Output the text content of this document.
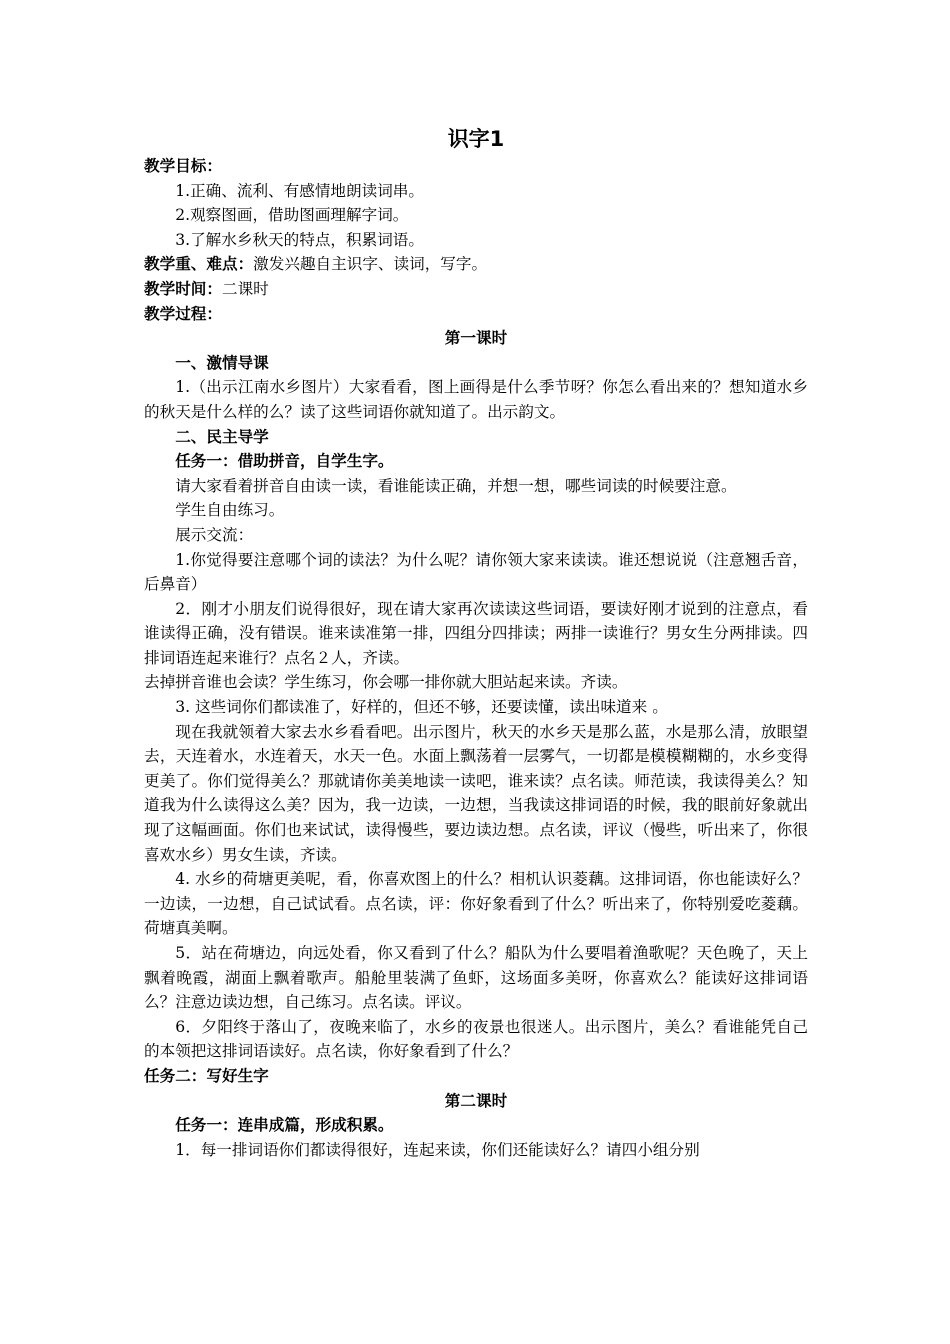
识字1

教学目标：

1.正确、流利、有感情地朗读词串。

2.观察图画，借助图画理解字词。

3.了解水乡秋天的特点，积累词语。

教学重、难点：激发兴趣自主识字、读词，写字。

教学时间：二课时

教学过程：

第一课时

一、激情导课

1.（出示江南水乡图片）大家看看，图上画得是什么季节呀？你怎么看出来的？想知道水乡的秋天是什么样的么？读了这些词语你就知道了。出示韵文。

二、民主导学

任务一：借助拼音，自学生字。

请大家看着拼音自由读一读，看谁能读正确，并想一想，哪些词读的时候要注意。

学生自由练习。

展示交流：

1.你觉得要注意哪个词的读法？为什么呢？请你领大家来读读。谁还想说说（注意翘舌音，后鼻音）

2．刚才小朋友们说得很好，现在请大家再次读读这些词语，要读好刚才说到的注意点，看谁读得正确，没有错误。谁来读准第一排，四组分四排读；两排一读谁行？男女生分两排读。四排词语连起来谁行？点名２人，齐读。

去掉拼音谁也会读？学生练习，你会哪一排你就大胆站起来读。齐读。

3. 这些词你们都读准了，好样的，但还不够，还要读懂，读出味道来 。

现在我就领着大家去水乡看看吧。出示图片，秋天的水乡天是那么蓝，水是那么清，放眼望去，天连着水，水连着天，水天一色。水面上飘荡着一层雾气，一切都是模模糊糊的，水乡变得更美了。你们觉得美么？那就请你美美地读一读吧，谁来读？点名读。师范读，我读得美么？知道我为什么读得这么美？因为，我一边读，一边想，当我读这排词语的时候，我的眼前好象就出现了这幅画面。你们也来试试，读得慢些，要边读边想。点名读，评议（慢些，听出来了，你很喜欢水乡）男女生读，齐读。

4. 水乡的荷塘更美呢，看，你喜欢图上的什么？相机认识菱藕。这排词语，你也能读好么？一边读，一边想，自己试试看。点名读，评：你好象看到了什么？听出来了，你特别爱吃菱藕。荷塘真美啊。

5．站在荷塘边，向远处看，你又看到了什么？船队为什么要唱着渔歌呢？天色晚了，天上飘着晚霞，湖面上飘着歌声。船舱里装满了鱼虾，这场面多美呀，你喜欢么？能读好这排词语么？注意边读边想，自己练习。点名读。评议。

6．夕阳终于落山了，夜晚来临了，水乡的夜景也很迷人。出示图片，美么？看谁能凭自己的本领把这排词语读好。点名读，你好象看到了什么？

任务二：写好生字

第二课时

任务一：连串成篇，形成积累。

1．每一排词语你们都读得很好，连起来读，你们还能读好么？请四小组分别
